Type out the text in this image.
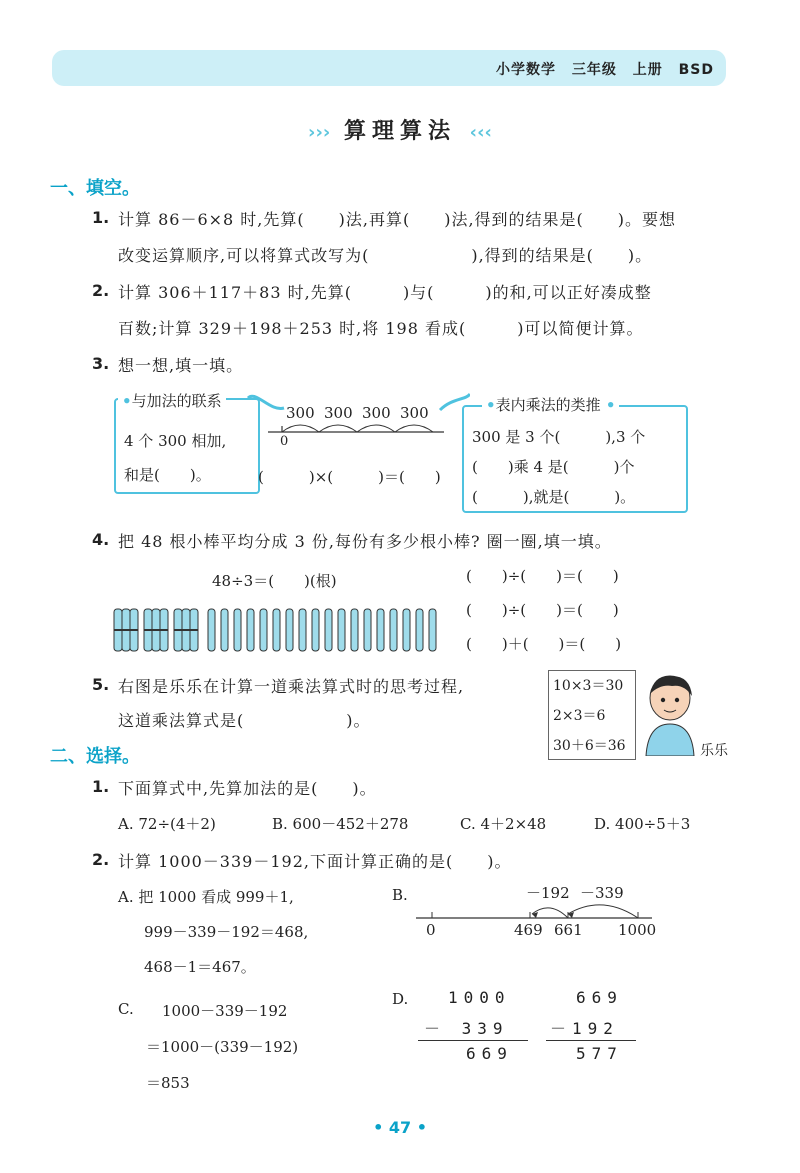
小学数学 三年级 上册 BSD
››› 算理算法 ‹‹‹
一、填空。
1. 计算 86－6×8 时,先算(　　)法,再算(　　)法,得到的结果是(　　)。要想
改变运算顺序,可以将算式改写为(　　　　　　),得到的结果是(　　)。
2. 计算 306＋117＋83 时,先算(　　　)与(　　　)的和,可以正好凑成整
百数;计算 329＋198＋253 时,将 198 看成(　　　)可以简便计算。
3. 想一想,填一填。
•与加法的联系
4 个 300 相加,
和是(　　)。
300 300 300 300
0
(　　　)×(　　　)＝(　　)
•表内乘法的类推 •
300 是 3 个(　　　),3 个
(　　)乘 4 是(　　　)个
(　　　),就是(　　　)。
4. 把 48 根小棒平均分成 3 份,每份有多少根小棒? 圈一圈,填一填。
48÷3＝(　　)(根)	(　　)÷(　　)＝(　　)
(　　)÷(　　)＝(　　)
(　　)＋(　　)＝(　　)
5. 右图是乐乐在计算一道乘法算式时的思考过程,
这道乘法算式是(　　　　　　)。
10×3＝30
2×3＝6
30＋6＝36	乐乐
二、选择。
1. 下面算式中,先算加法的是(　　)。
A. 72÷(4＋2)	B. 600－452＋278	C. 4＋2×48	D. 400÷5＋3
2. 计算 1000－339－192,下面计算正确的是(　　)。
A. 把 1000 看成 999＋1,
999－339－192＝468,
468－1＝467。
B.	－192 －339
0	469 661 1000
C. 1000－339－192
＝1000－(339－192)
＝853
D. 1000
－ 339
669
669
－192
577
• 47 •
